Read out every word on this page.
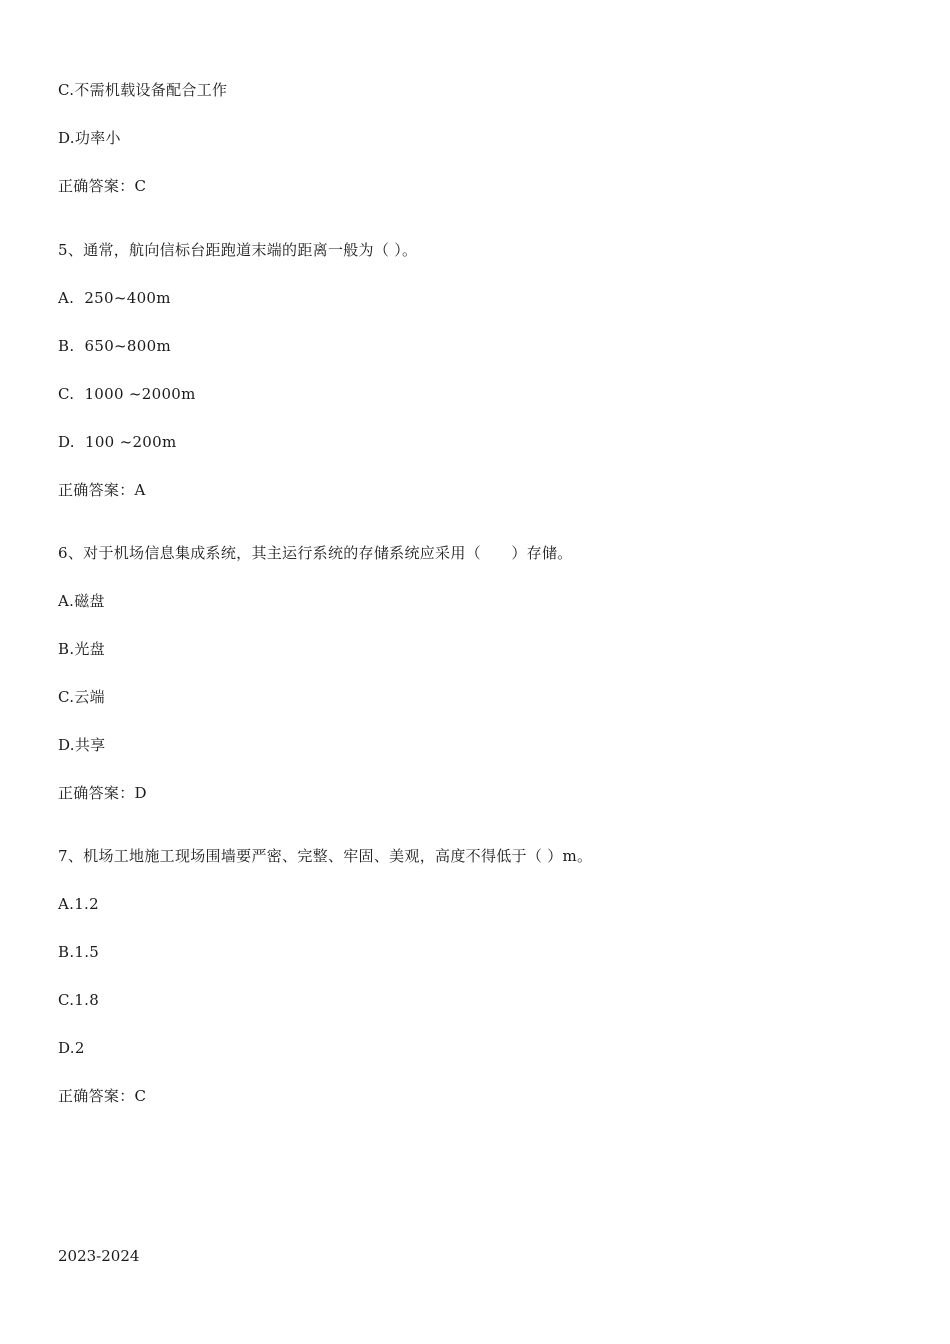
C.不需机载设备配合工作
D.功率小
正确答案：C
5、通常，航向信标台距跑道末端的距离一般为（ ）。
A.  250~400m
B.  650~800m
C.  1000 ~2000m
D.  100 ~200m
正确答案：A
6、对于机场信息集成系统，其主运行系统的存储系统应采用（      ）存储。
A.磁盘
B.光盘
C.云端
D.共享
正确答案：D
7、机场工地施工现场围墙要严密、完整、牢固、美观，高度不得低于（ ）m。
A.1.2
B.1.5
C.1.8
D.2
正确答案：C
2023-2024
